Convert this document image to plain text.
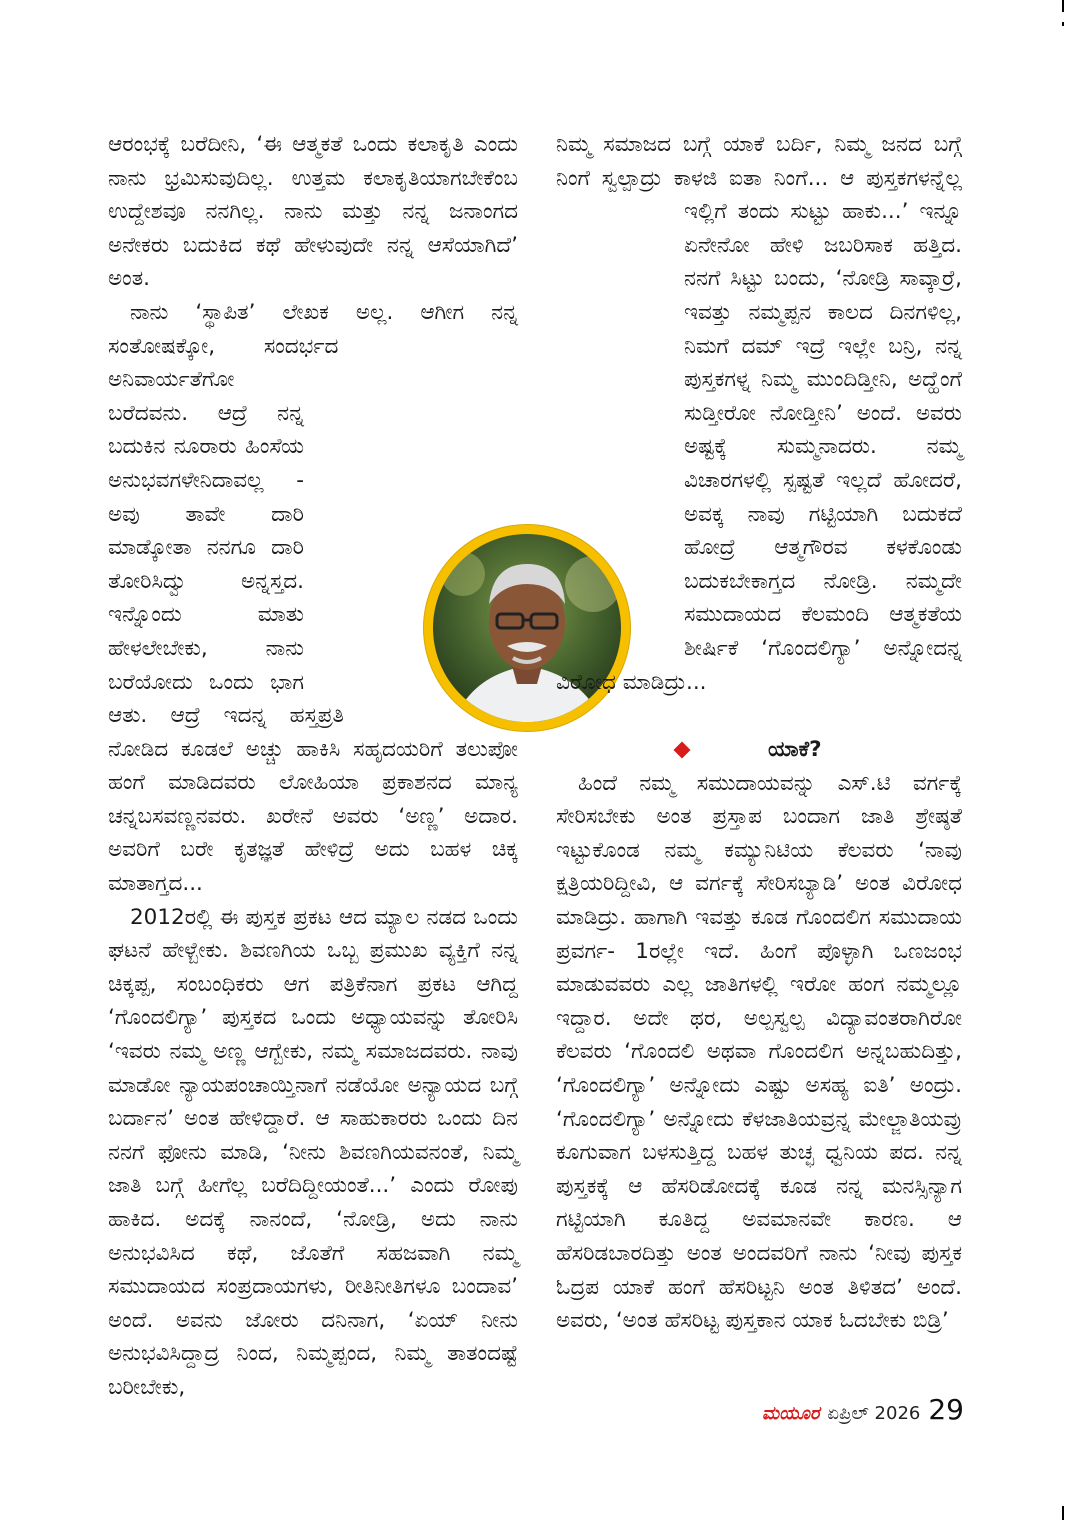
ಆರಂಭಕ್ಕೆ ಬರೆದೀನಿ, ‘ಈ ಆತ್ಮಕತೆ ಒಂದು ಕಲಾಕೃತಿ ಎಂದು ನಾನು ಭ್ರಮಿಸುವುದಿಲ್ಲ. ಉತ್ತಮ ಕಲಾಕೃತಿಯಾಗಬೇಕೆಂಬ ಉದ್ದೇಶವೂ ನನಗಿಲ್ಲ. ನಾನು ಮತ್ತು ನನ್ನ ಜನಾಂಗದ ಅನೇಕರು ಬದುಕಿದ ಕಥೆ ಹೇಳುವುದೇ ನನ್ನ ಆಸೆಯಾಗಿದೆ’ ಅಂತ.

ನಾನು ‘ಸ್ಥಾಪಿತ’ ಲೇಖಕ ಅಲ್ಲ. ಆಗೀಗ ನನ್ನ ಸಂತೋಷಕ್ಕೋ, ಸಂದರ್ಭದ ಅನಿವಾರ್ಯತೆಗೋ ಬರೆದವನು. ಆದ್ರೆ ನನ್ನ ಬದುಕಿನ ನೂರಾರು ಹಿಂಸೆಯ ಅನುಭವಗಳೇನಿದಾವಲ್ಲ - ಅವು ತಾವೇ ದಾರಿ ಮಾಡ್ಕೋತಾ ನನಗೂ ದಾರಿ ತೋರಿಸಿದ್ವು ಅನ್ನಸ್ತದ. ಇನ್ನೊಂದು ಮಾತು ಹೇಳಲೇಬೇಕು, ನಾನು ಬರೆಯೋದು ಒಂದು ಭಾಗ ಆತು. ಆದ್ರೆ ಇದನ್ನ ಹಸ್ತಪ್ರತಿ ನೋಡಿದ ಕೂಡಲೆ ಅಚ್ಚು ಹಾಕಿಸಿ ಸಹೃದಯರಿಗೆ ತಲುಪೋ ಹಂಗೆ ಮಾಡಿದವರು ಲೋಹಿಯಾ ಪ್ರಕಾಶನದ ಮಾನ್ಯ ಚನ್ನಬಸವಣ್ಣನವರು. ಖರೇನೆ ಅವರು ‘ಅಣ್ಣ’ ಅದಾರ. ಅವರಿಗೆ ಬರೇ ಕೃತಜ್ಞತೆ ಹೇಳಿದ್ರೆ ಅದು ಬಹಳ ಚಿಕ್ಕ ಮಾತಾಗ್ತದ...

2012ರಲ್ಲಿ ಈ ಪುಸ್ತಕ ಪ್ರಕಟ ಆದ ಮ್ಯಾಲ ನಡದ ಒಂದು ಘಟನೆ ಹೇಳ್ಬೇಕು. ಶಿವಣಗಿಯ ಒಬ್ಬ ಪ್ರಮುಖ ವ್ಯಕ್ತಿಗೆ ನನ್ನ ಚಿಕ್ಕಪ್ಪ, ಸಂಬಂಧಿಕರು ಆಗ ಪತ್ರಿಕೆನಾಗ ಪ್ರಕಟ ಆಗಿದ್ದ ‘ಗೊಂದಲಿಗ್ಯಾ’ ಪುಸ್ತಕದ ಒಂದು ಅಧ್ಯಾಯವನ್ನು ತೋರಿಸಿ ‘ಇವರು ನಮ್ಮ ಅಣ್ಣ ಆಗ್ಬೇಕು, ನಮ್ಮ ಸಮಾಜದವರು. ನಾವು ಮಾಡೋ ನ್ಯಾಯಪಂಚಾಯ್ತಿನಾಗೆ ನಡೆಯೋ ಅನ್ಯಾಯದ ಬಗ್ಗೆ ಬರ್ದಾನ’ ಅಂತ ಹೇಳಿದ್ದಾರೆ. ಆ ಸಾಹುಕಾರರು ಒಂದು ದಿನ ನನಗೆ ಫೋನು ಮಾಡಿ, ‘ನೀನು ಶಿವಣಗಿಯವನಂತೆ, ನಿಮ್ಮ ಜಾತಿ ಬಗ್ಗೆ ಹೀಗೆಲ್ಲ ಬರೆದಿದ್ದೀಯಂತೆ...’ ಎಂದು ರೋಪು ಹಾಕಿದ. ಅದಕ್ಕೆ ನಾನಂದೆ, ‘ನೋಡ್ರಿ, ಅದು ನಾನು ಅನುಭವಿಸಿದ ಕಥೆ, ಜೊತೆಗೆ ಸಹಜವಾಗಿ ನಮ್ಮ ಸಮುದಾಯದ ಸಂಪ್ರದಾಯಗಳು, ರೀತಿನೀತಿಗಳೂ ಬಂದಾವ’ ಅಂದೆ. ಅವನು ಜೋರು ದನಿನಾಗ, ‘ಏಯ್ ನೀನು ಅನುಭವಿಸಿದ್ದಾದ್ರ ನಿಂದ, ನಿಮ್ಮಪ್ಪಂದ, ನಿಮ್ಮ ತಾತಂದಷ್ಟೆ ಬರೀಬೇಕು,

ನಿಮ್ಮ ಸಮಾಜದ ಬಗ್ಗೆ ಯಾಕೆ ಬರ್ದಿ, ನಿಮ್ಮ ಜನದ ಬಗ್ಗೆ ನಿಂಗೆ ಸ್ವಲ್ಪಾದ್ರು ಕಾಳಜಿ ಐತಾ ನಿಂಗೆ... ಆ ಪುಸ್ತಕಗಳನ್ನೆಲ್ಲ ಇಲ್ಲಿಗೆ ತಂದು ಸುಟ್ಟು ಹಾಕು...’ ಇನ್ನೂ ಏನೇನೋ ಹೇಳಿ ಜಬರಿಸಾಕ ಹತ್ತಿದ. ನನಗೆ ಸಿಟ್ಟು ಬಂದು, ‘ನೋಡ್ರಿ ಸಾವ್ಕಾರ್ರೆ, ಇವತ್ತು ನಮ್ಮಪ್ಪನ ಕಾಲದ ದಿನಗಳಿಲ್ಲ, ನಿಮಗೆ ದಮ್ ಇದ್ರೆ ಇಲ್ಲೇ ಬನ್ರಿ, ನನ್ನ ಪುಸ್ತಕಗಳ್ನ ನಿಮ್ಮ ಮುಂದಿಡ್ತೀನಿ, ಅದ್ಹೆಂಗೆ ಸುಡ್ತೀರೋ ನೋಡ್ತೀನಿ’ ಅಂದೆ. ಅವರು ಅಷ್ಟಕ್ಕೆ ಸುಮ್ಮನಾದರು. ನಮ್ಮ ವಿಚಾರಗಳಲ್ಲಿ ಸ್ಪಷ್ಟತೆ ಇಲ್ಲದೆ ಹೋದರೆ, ಅವಕ್ಕ ನಾವು ಗಟ್ಟಿಯಾಗಿ ಬದುಕದೆ ಹೋದ್ರೆ ಆತ್ಮಗೌರವ ಕಳಕೊಂಡು ಬದುಕಬೇಕಾಗ್ತದ ನೋಡ್ರಿ. ನಮ್ಮದೇ ಸಮುದಾಯದ ಕೆಲಮಂದಿ ಆತ್ಮಕತೆಯ ಶೀರ್ಷಿಕೆ ‘ಗೊಂದಲಿಗ್ಯಾ’ ಅನ್ನೋದನ್ನ ವಿರೋಧ ಮಾಡಿದ್ರು...

ಯಾಕೆ?

ಹಿಂದೆ ನಮ್ಮ ಸಮುದಾಯವನ್ನು ಎಸ್.ಟಿ ವರ್ಗಕ್ಕೆ ಸೇರಿಸಬೇಕು ಅಂತ ಪ್ರಸ್ತಾಪ ಬಂದಾಗ ಜಾತಿ ಶ್ರೇಷ್ಠತೆ ಇಟ್ಟುಕೊಂಡ ನಮ್ಮ ಕಮ್ಯುನಿಟಿಯ ಕೆಲವರು ‘ನಾವು ಕ್ಷತ್ರಿಯರಿದ್ದೀವಿ, ಆ ವರ್ಗಕ್ಕೆ ಸೇರಿಸಬ್ಯಾಡಿ’ ಅಂತ ವಿರೋಧ ಮಾಡಿದ್ರು. ಹಾಗಾಗಿ ಇವತ್ತು ಕೂಡ ಗೊಂದಲಿಗ ಸಮುದಾಯ ಪ್ರವರ್ಗ- 1ರಲ್ಲೇ ಇದೆ. ಹಿಂಗೆ ಪೊಳ್ಳಾಗಿ ಒಣಜಂಭ ಮಾಡುವವರು ಎಲ್ಲ ಜಾತಿಗಳಲ್ಲಿ ಇರೋ ಹಂಗ ನಮ್ಮಲ್ಲೂ ಇದ್ದಾರ. ಅದೇ ಥರ, ಅಲ್ಪಸ್ವಲ್ಪ ವಿದ್ಯಾವಂತರಾಗಿರೋ ಕೆಲವರು ‘ಗೊಂದಲಿ ಅಥವಾ ಗೊಂದಲಿಗ ಅನ್ನಬಹುದಿತ್ತು, ‘ಗೊಂದಲಿಗ್ಯಾ’ ಅನ್ನೋದು ಎಷ್ಟು ಅಸಹ್ಯ ಐತಿ’ ಅಂದ್ರು. ‘ಗೊಂದಲಿಗ್ಯಾ’ ಅನ್ನೋದು ಕೆಳಜಾತಿಯವ್ರನ್ನ ಮೇಲ್ಜಾತಿಯವ್ರು ಕೂಗುವಾಗ ಬಳಸುತ್ತಿದ್ದ ಬಹಳ ತುಚ್ಛ ಧ್ವನಿಯ ಪದ. ನನ್ನ ಪುಸ್ತಕಕ್ಕೆ ಆ ಹೆಸರಿಡೋದಕ್ಕೆ ಕೂಡ ನನ್ನ ಮನಸ್ಸಿನ್ಯಾಗ ಗಟ್ಟಿಯಾಗಿ ಕೂತಿದ್ದ ಅವಮಾನವೇ ಕಾರಣ. ಆ ಹೆಸರಿಡಬಾರದಿತ್ತು ಅಂತ ಅಂದವರಿಗೆ ನಾನು ‘ನೀವು ಪುಸ್ತಕ ಓದ್ರಪ ಯಾಕೆ ಹಂಗೆ ಹೆಸರಿಟ್ಟನಿ ಅಂತ ತಿಳಿತದ’ ಅಂದೆ. ಅವರು, ‘ಅಂತ ಹೆಸರಿಟ್ಟ ಪುಸ್ತಕಾನ ಯಾಕ ಓದಬೇಕು ಬಿಡ್ರಿ’

ಮಯೂರ ಏಪ್ರಿಲ್ 2026 29
